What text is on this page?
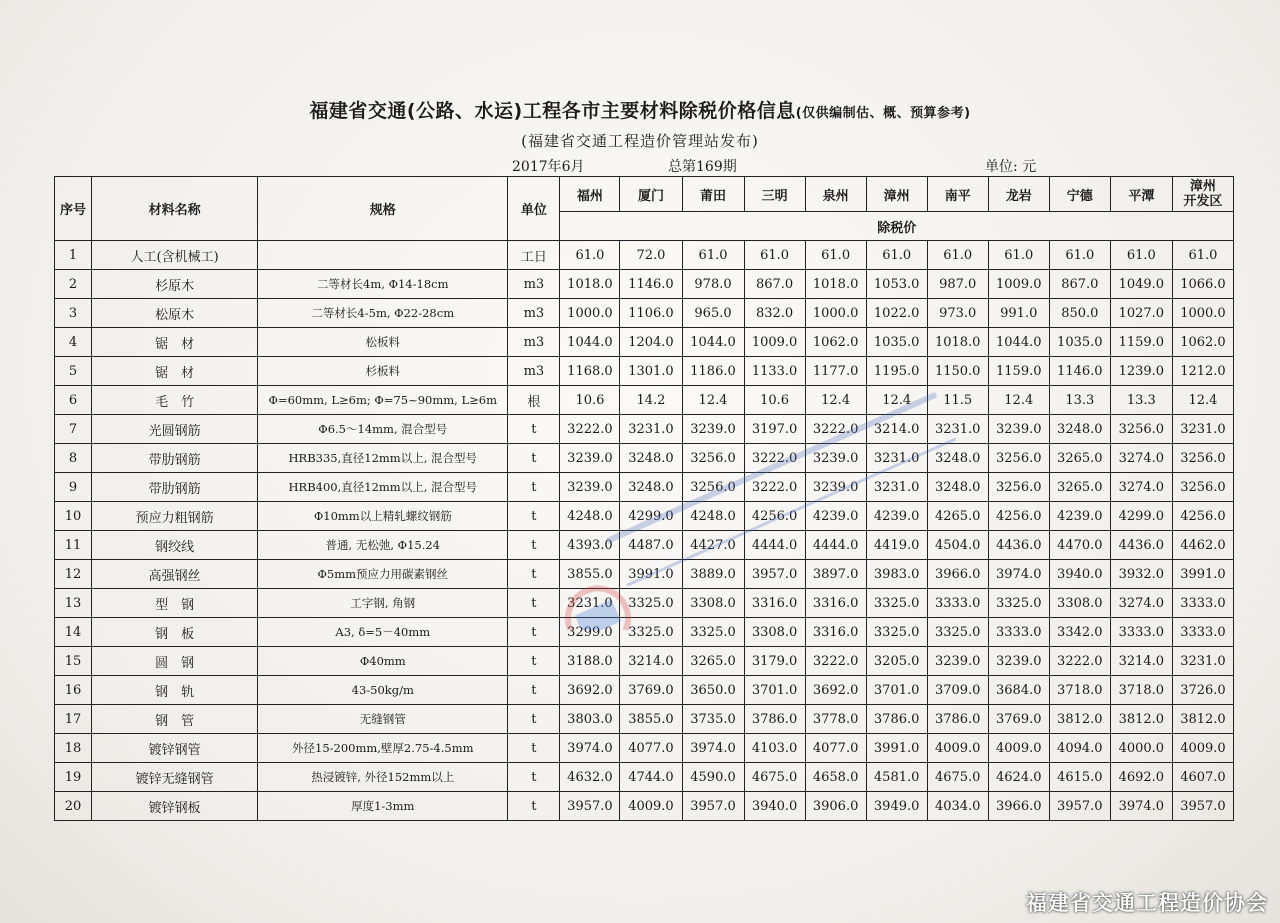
福建省交通(公路、水运)工程各市主要材料除税价格信息(仅供编制估、概、预算参考)
(福建省交通工程造价管理站发布)
2017年6月	总第169期	单位: 元
序号	材料名称	规格	单位	福州	厦门	莆田	三明	泉州	漳州	南平	龙岩	宁德	平潭	漳州
开发区
				除税价										
1	人工(含机械工)		工日	61.0	72.0	61.0	61.0	61.0	61.0	61.0	61.0	61.0	61.0	61.0
2	杉原木	二等材长4m, Φ14-18cm	m3	1018.0	1146.0	978.0	867.0	1018.0	1053.0	987.0	1009.0	867.0	1049.0	1066.0
3	松原木	二等材长4-5m, Φ22-28cm	m3	1000.0	1106.0	965.0	832.0	1000.0	1022.0	973.0	991.0	850.0	1027.0	1000.0
4	锯　材	松板料	m3	1044.0	1204.0	1044.0	1009.0	1062.0	1035.0	1018.0	1044.0	1035.0	1159.0	1062.0
5	锯　材	杉板料	m3	1168.0	1301.0	1186.0	1133.0	1177.0	1195.0	1150.0	1159.0	1146.0	1239.0	1212.0
6	毛　竹	Φ=60mm, L≥6m; Φ=75~90mm, L≥6m	根	10.6	14.2	12.4	10.6	12.4	12.4	11.5	12.4	13.3	13.3	12.4
7	光圆钢筋	Φ6.5～14mm, 混合型号	t	3222.0	3231.0	3239.0	3197.0	3222.0	3214.0	3231.0	3239.0	3248.0	3256.0	3231.0
8	带肋钢筋	HRB335,直径12mm以上, 混合型号	t	3239.0	3248.0	3256.0	3222.0	3239.0	3231.0	3248.0	3256.0	3265.0	3274.0	3256.0
9	带肋钢筋	HRB400,直径12mm以上, 混合型号	t	3239.0	3248.0	3256.0	3222.0	3239.0	3231.0	3248.0	3256.0	3265.0	3274.0	3256.0
10	预应力粗钢筋	Φ10mm以上精轧螺纹钢筋	t	4248.0	4299.0	4248.0	4256.0	4239.0	4239.0	4265.0	4256.0	4239.0	4299.0	4256.0
11	钢绞线	普通, 无松弛, Φ15.24	t	4393.0	4487.0	4427.0	4444.0	4444.0	4419.0	4504.0	4436.0	4470.0	4436.0	4462.0
12	高强钢丝	Φ5mm预应力用碳素钢丝	t	3855.0	3991.0	3889.0	3957.0	3897.0	3983.0	3966.0	3974.0	3940.0	3932.0	3991.0
13	型　钢	工字钢, 角钢	t	3231.0	3325.0	3308.0	3316.0	3316.0	3325.0	3333.0	3325.0	3308.0	3274.0	3333.0
14	钢　板	A3, δ=5－40mm	t	3299.0	3325.0	3325.0	3308.0	3316.0	3325.0	3325.0	3333.0	3342.0	3333.0	3333.0
15	圆　钢	Φ40mm	t	3188.0	3214.0	3265.0	3179.0	3222.0	3205.0	3239.0	3239.0	3222.0	3214.0	3231.0
16	钢　轨	43-50kg/m	t	3692.0	3769.0	3650.0	3701.0	3692.0	3701.0	3709.0	3684.0	3718.0	3718.0	3726.0
17	钢　管	无缝钢管	t	3803.0	3855.0	3735.0	3786.0	3778.0	3786.0	3786.0	3769.0	3812.0	3812.0	3812.0
18	镀锌钢管	外径15-200mm,壁厚2.75-4.5mm	t	3974.0	4077.0	3974.0	4103.0	4077.0	3991.0	4009.0	4009.0	4094.0	4000.0	4009.0
19	镀锌无缝钢管	热浸镀锌, 外径152mm以上	t	4632.0	4744.0	4590.0	4675.0	4658.0	4581.0	4675.0	4624.0	4615.0	4692.0	4607.0
20	镀锌钢板	厚度1-3mm	t	3957.0	4009.0	3957.0	3940.0	3906.0	3949.0	4034.0	3966.0	3957.0	3974.0	3957.0
福建省交通工程造价协会
